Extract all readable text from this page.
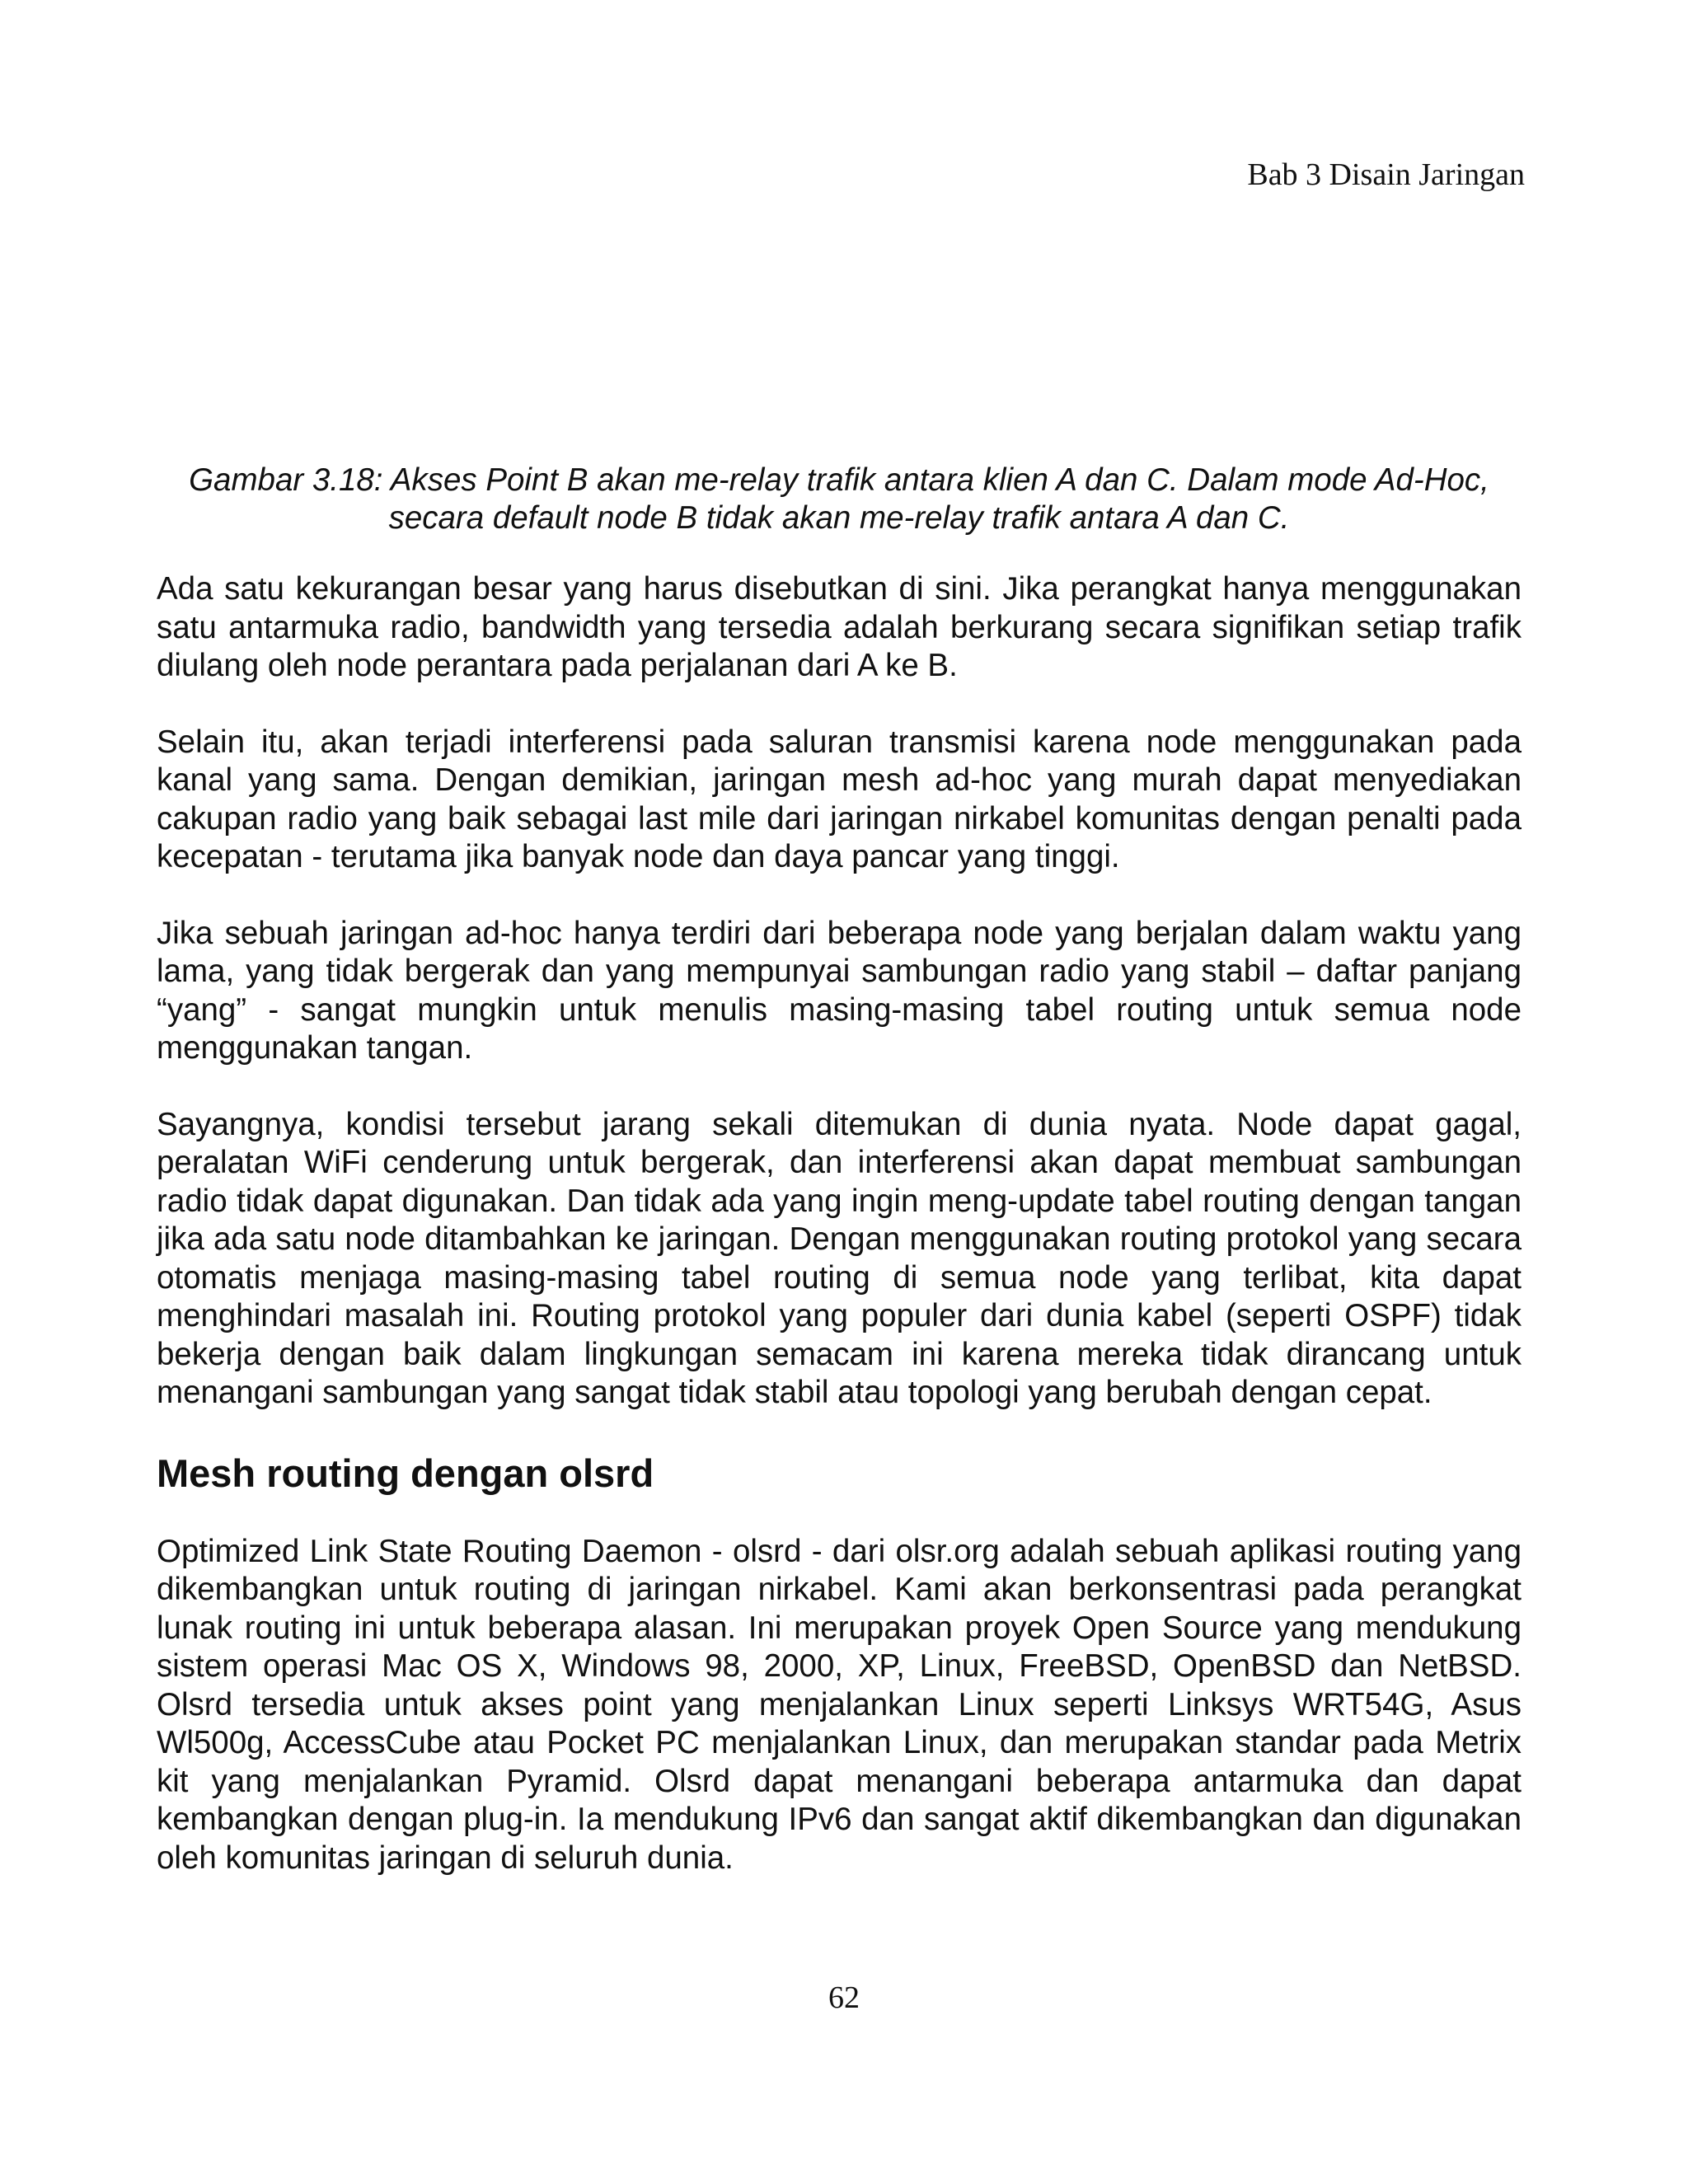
Bab 3 Disain Jaringan

Gambar 3.18: Akses Point B akan me-relay trafik antara klien A dan C. Dalam mode Ad-Hoc, secara default node B tidak akan me-relay trafik antara A dan C.

Ada satu kekurangan besar yang harus disebutkan di sini. Jika perangkat hanya menggunakan satu antarmuka radio, bandwidth yang tersedia adalah berkurang secara signifikan setiap trafik diulang oleh node perantara pada perjalanan dari A ke B.

Selain itu, akan terjadi interferensi pada saluran transmisi karena node menggunakan pada kanal yang sama. Dengan demikian, jaringan mesh ad-hoc yang murah dapat menyediakan cakupan radio yang baik sebagai last mile dari jaringan nirkabel komunitas dengan penalti pada kecepatan - terutama jika banyak node dan daya pancar yang tinggi.

Jika sebuah jaringan ad-hoc hanya terdiri dari beberapa node yang berjalan dalam waktu yang lama, yang tidak bergerak dan yang mempunyai sambungan radio yang stabil – daftar panjang “yang” - sangat mungkin untuk menulis masing-masing tabel routing untuk semua node menggunakan tangan.

Sayangnya, kondisi tersebut jarang sekali ditemukan di dunia nyata. Node dapat gagal, peralatan WiFi cenderung untuk bergerak, dan interferensi akan dapat membuat sambungan radio tidak dapat digunakan. Dan tidak ada yang ingin meng-update tabel routing dengan tangan jika ada satu node ditambahkan ke jaringan. Dengan menggunakan routing protokol yang secara otomatis menjaga masing-masing tabel routing di semua node yang terlibat, kita dapat menghindari masalah ini. Routing protokol yang populer dari dunia kabel (seperti OSPF) tidak bekerja dengan baik dalam lingkungan semacam ini karena mereka tidak dirancang untuk menangani sambungan yang sangat tidak stabil atau topologi yang berubah dengan cepat.

Mesh routing dengan olsrd

Optimized Link State Routing Daemon - olsrd - dari olsr.org adalah sebuah aplikasi routing yang dikembangkan untuk routing di jaringan nirkabel. Kami akan berkonsentrasi pada perangkat lunak routing ini untuk beberapa alasan. Ini merupakan proyek Open Source yang mendukung sistem operasi Mac OS X, Windows 98, 2000, XP, Linux, FreeBSD, OpenBSD dan NetBSD. Olsrd tersedia untuk akses point yang menjalankan Linux seperti Linksys WRT54G, Asus Wl500g, AccessCube atau Pocket PC menjalankan Linux, dan merupakan standar pada Metrix kit yang menjalankan Pyramid. Olsrd dapat menangani beberapa antarmuka dan dapat kembangkan dengan plug-in. Ia mendukung IPv6 dan sangat aktif dikembangkan dan digunakan oleh komunitas jaringan di seluruh dunia.

62
